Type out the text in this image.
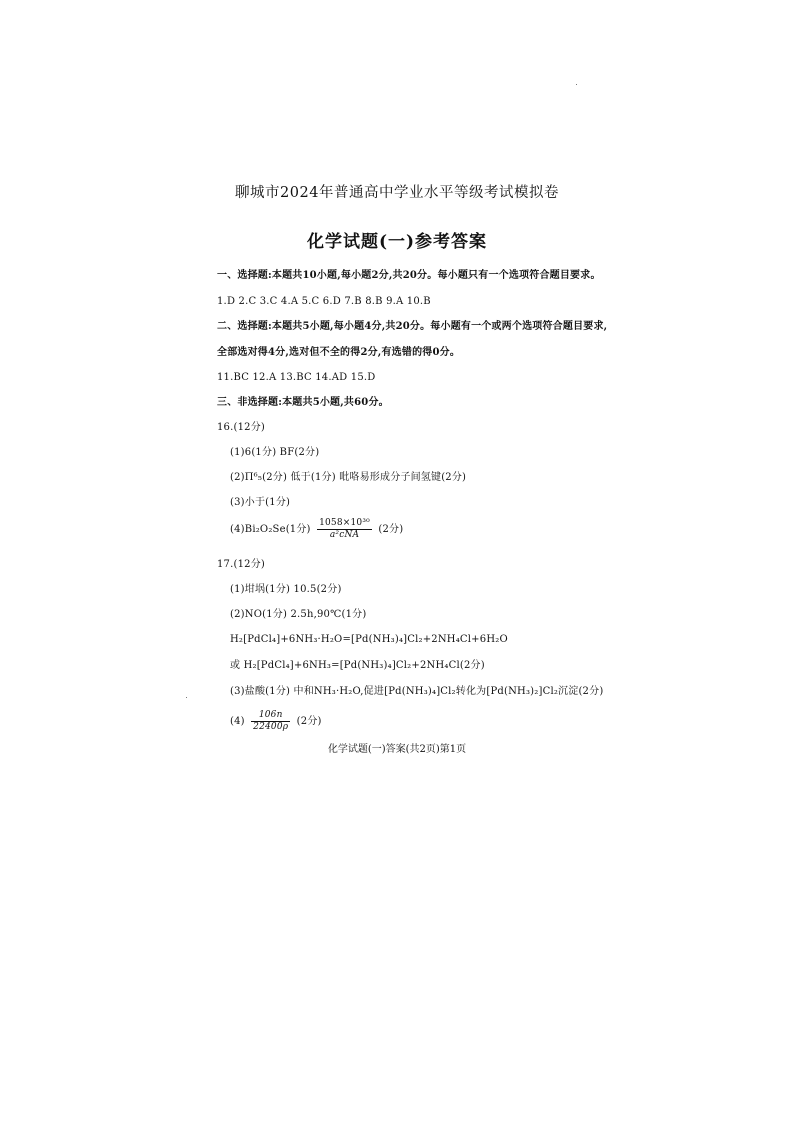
聊城市2024年普通高中学业水平等级考试模拟卷
化学试题(一)参考答案
一、选择题:本题共10小题,每小题2分,共20分。每小题只有一个选项符合题目要求。
1.D 2.C 3.C 4.A 5.C 6.D 7.B 8.B 9.A 10.B
二、选择题:本题共5小题,每小题4分,共20分。每小题有一个或两个选项符合题目要求,
全部选对得4分,选对但不全的得2分,有选错的得0分。
11.BC 12.A 13.BC 14.AD 15.D
三、非选择题:本题共5小题,共60分。
16.(12分)
(1)6(1分) BF(2分)
(2)Π⁶₅(2分) 低于(1分) 吡咯易形成分子间氢键(2分)
(3)小于(1分)
(4)Bi₂O₂Se(1分) $\frac{\text{1058×10³⁰}}{\text{a²cNA}} (2$分)
17.(12分)
(1)坩埚(1分) 10.5(2分)
(2)NO(1分) 2.5h,90℃(1分)
H₂[PdCl₄]+6NH₃·H₂O=[Pd(NH₃)₄]Cl₂+2NH₄Cl+6H₂O
或 H₂[PdCl₄]+6NH₃=[Pd(NH₃)₄]Cl₂+2NH₄Cl(2分)
(3)盐酸(1分) 中和NH₃·H₂O,促进[Pd(NH₃)₄]Cl₂转化为[Pd(NH₃)₂]Cl₂沉淀(2分)
$(4) \frac{106n}{22400\rho} (2$分)
化学试题(一)答案(共2页)第1页
